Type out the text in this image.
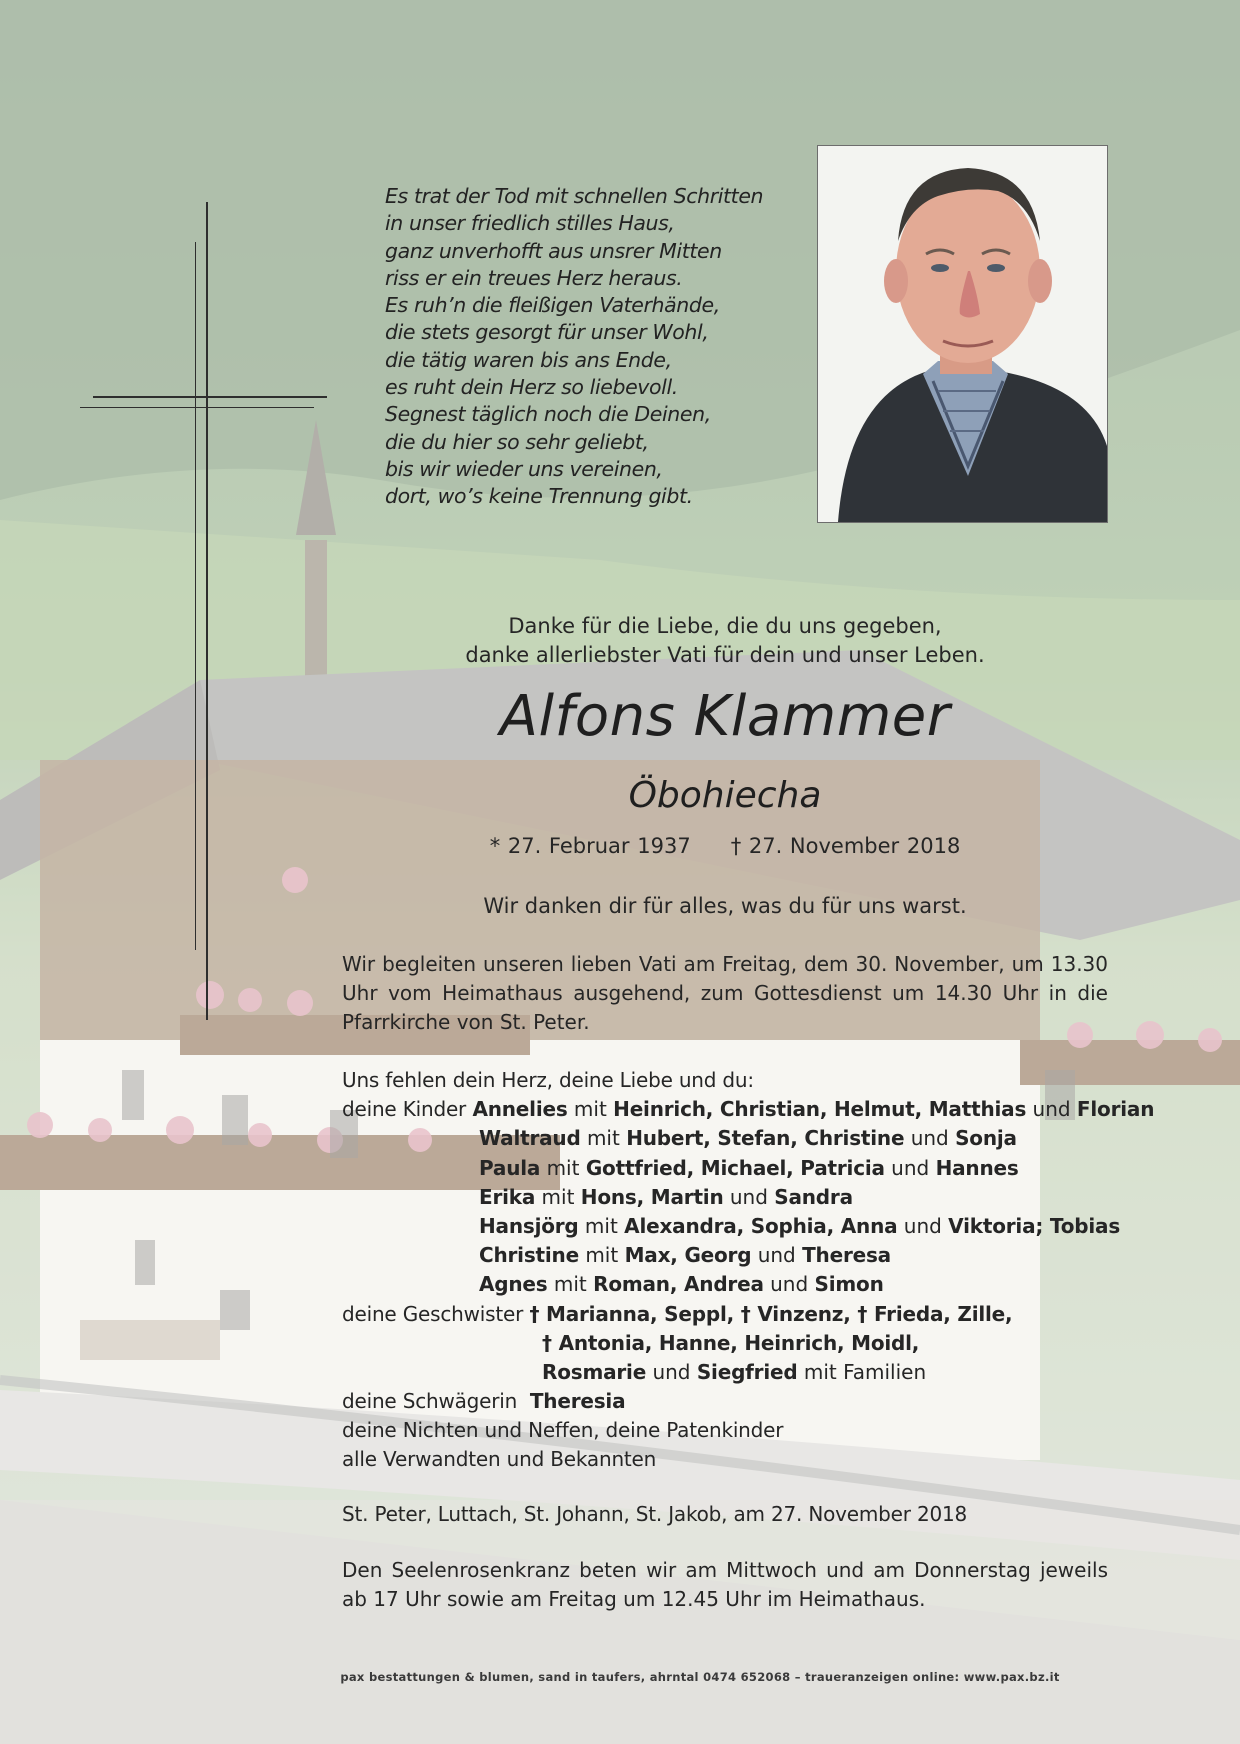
Es trat der Tod mit schnellen Schritten
in unser friedlich stilles Haus,
ganz unverhofft aus unsrer Mitten
riss er ein treues Herz heraus.
Es ruh’n die fleißigen Vaterhände,
die stets gesorgt für unser Wohl,
die tätig waren bis ans Ende,
es ruht dein Herz so liebevoll.
Segnest täglich noch die Deinen,
die du hier so sehr geliebt,
bis wir wieder uns vereinen,
dort, wo’s keine Trennung gibt.
Danke für die Liebe, die du uns gegeben,
danke allerliebster Vati für dein und unser Leben.
Alfons Klammer
Öbohiecha
* 27. Februar 1937 † 27. November 2018
Wir danken dir für alles, was du für uns warst.
Wir begleiten unseren lieben Vati am Freitag, dem 30. November, um 13.30 Uhr vom Heimathaus ausgehend, zum Gottesdienst um 14.30 Uhr in die Pfarrkirche von St. Peter.
Uns fehlen dein Herz, deine Liebe und du:
deine Kinder Annelies mit Heinrich, Christian, Helmut, Matthias und Florian
Waltraud mit Hubert, Stefan, Christine und Sonja
Paula mit Gottfried, Michael, Patricia und Hannes
Erika mit Hons, Martin und Sandra
Hansjörg mit Alexandra, Sophia, Anna und Viktoria; Tobias
Christine mit Max, Georg und Theresa
Agnes mit Roman, Andrea und Simon
deine Geschwister † Marianna, Seppl, † Vinzenz, † Frieda, Zille,
† Antonia, Hanne, Heinrich, Moidl,
Rosmarie und Siegfried mit Familien
deine Schwägerin Theresia
deine Nichten und Neffen, deine Patenkinder
alle Verwandten und Bekannten
St. Peter, Luttach, St. Johann, St. Jakob, am 27. November 2018
Den Seelenrosenkranz beten wir am Mittwoch und am Donnerstag jeweils ab 17 Uhr sowie am Freitag um 12.45 Uhr im Heimathaus.
pax bestattungen & blumen, sand in taufers, ahrntal 0474 652068 – traueranzeigen online: www.pax.bz.it
